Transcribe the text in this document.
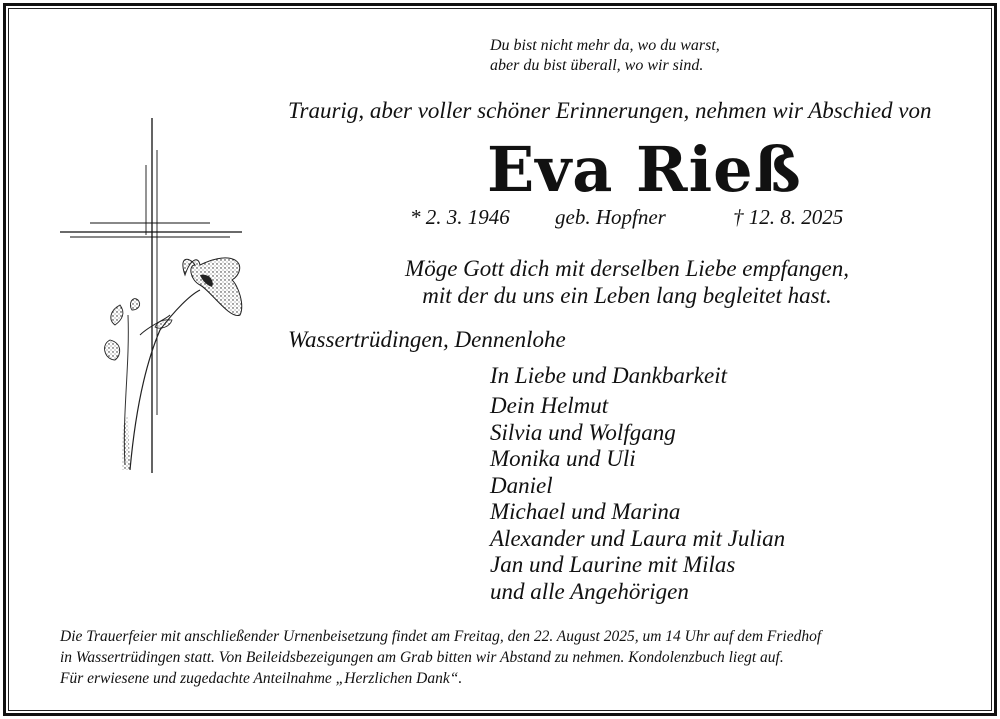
Du bist nicht mehr da, wo du warst,
aber du bist überall, wo wir sind.
Traurig, aber voller schöner Erinnerungen, nehmen wir Abschied von
Eva Rieß
* 2. 3. 1946 geb. Hopfner	† 12. 8. 2025
Möge Gott dich mit derselben Liebe empfangen,
mit der du uns ein Leben lang begleitet hast.
Wassertrüdingen, Dennenlohe
In Liebe und Dankbarkeit
Dein Helmut
Silvia und Wolfgang
Monika und Uli
Daniel
Michael und Marina
Alexander und Laura mit Julian
Jan und Laurine mit Milas
und alle Angehörigen
Die Trauerfeier mit anschließender Urnenbeisetzung findet am Freitag, den 22. August 2025, um 14 Uhr auf dem Friedhof
in Wassertrüdingen statt. Von Beileidsbezeigungen am Grab bitten wir Abstand zu nehmen. Kondolenzbuch liegt auf.
Für erwiesene und zugedachte Anteilnahme „Herzlichen Dank“.
